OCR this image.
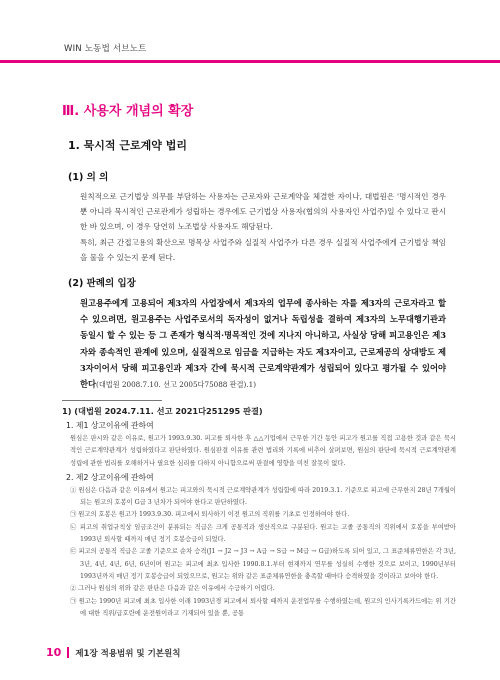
WIN 노동법 서브노트
Ⅲ. 사용자 개념의 확장
1. 묵시적 근로계약 법리
(1) 의 의

원칙적으로 근기법상 의무를 부담하는 사용자는 근로자와 근로계약을 체결한 자이나, 대법원은 '명시적인 경우뿐 아니라 묵시적인 근로관계가 성립하는 경우에도 근기법상 사용자(협의의 사용자인 사업주)일 수 있다고 판시한 바 있으며, 이 경우 당연히 노조법상 사용자도 해당된다.

특히, 최근 간접고용의 확산으로 명목상 사업주와 실질적 사업주가 다른 경우 실질적 사업주에게 근기법상 책임을 물을 수 있는지 문제 된다.

(2) 판례의 입장

원고용주에게 고용되어 제3자의 사업장에서 제3자의 업무에 종사하는 자를 제3자의 근로자라고 할 수 있으려면, 원고용주는 사업주로서의 독자성이 없거나 독립성을 결하여 제3자의 노무대행기관과 동일시 할 수 있는 등 그 존재가 형식적·명목적인 것에 지나지 아니하고, 사실상 당해 피고용인은 제3자와 종속적인 관계에 있으며, 실질적으로 임금을 지급하는 자도 제3자이고, 근로제공의 상대방도 제3자이어서 당해 피고용인과 제3자 간에 묵시적 근로계약관계가 성립되어 있다고 평가될 수 있어야 한다(대법원 2008.7.10. 선고 2005다75088 판결).1)

1) (대법원 2024.7.11. 선고 2021다251295 판결)
1. 제1 상고이유에 관하여
원심은 판시와 같은 이유로, 원고가 1993.9.30. 피고를 퇴사한 후 △△기업에서 근무한 기간 동안 피고가 원고를 직접 고용한 것과 같은 묵시적인 근로계약관계가 성립하였다고 판단하였다. 원심판결 이유를 관련 법리와 기록에 비추어 살펴보면, 원심의 판단에 묵시적 근로계약관계 성립에 관한 법리를 오해하거나 필요한 심리를 다하지 아니함으로써 판결에 영향을 미친 잘못이 없다.
2. 제2 상고이유에 관하여
① 원심은 다음과 같은 이유에서 원고는 피고와의 묵시적 근로계약관계가 성립함에 따라 2019.3.1. 기준으로 피고에 근무한지 28년 7개월이 되는 원고의 호봉이 G급 3 년차가 되어야 한다고 판단하였다.
㉠ 원고의 호봉은 원고가 1993.9.30. 피고에서 퇴사하기 이전 원고의 직위를 기초로 인정하여야 한다.
㉡ 피고의 취업규칙상 임금조건이 분류되는 직급은 크게 공통직과 생산직으로 구분된다. 원고는 고졸 공통직의 직위에서 호봉을 부여받아 1993년 퇴사할 때까지 매년 정기 호봉승급이 되었다.
㉢ 피고의 공통직 직급은 고졸 기준으로 순차 승격(J1 → J2 → J3 → A급 → S급 → M급 → G급)하도록 되어 있고, 그 표준체류연한은 각 3년, 3년, 4년, 4년, 6년, 6년이며 원고는 피고에 최초 입사한 1990.8.1.부터 현재까지 연무를 성실히 수행한 것으로 보이고, 1990년부터 1993년까지 매년 정기 호봉승급이 되었으므로, 원고는 위와 같은 표준체류연한을 충족할 때마다 승격하였을 것이라고 보아야 한다.
② 그러나 원심의 위와 같은 판단은 다음과 같은 이유에서 수긍하기 어렵다.
㉠ 원고는 1990년 피고에 최초 입사한 이래 1993년경 피고에서 퇴사할 때까지 운전업무를 수행하였는데, 원고의 인사기록카드에는 위 기간에 대한 직위/급호란에 운전원이라고 기재되어 있을 뿐, 공통
10 제1장 적용범위 및 기본원칙
